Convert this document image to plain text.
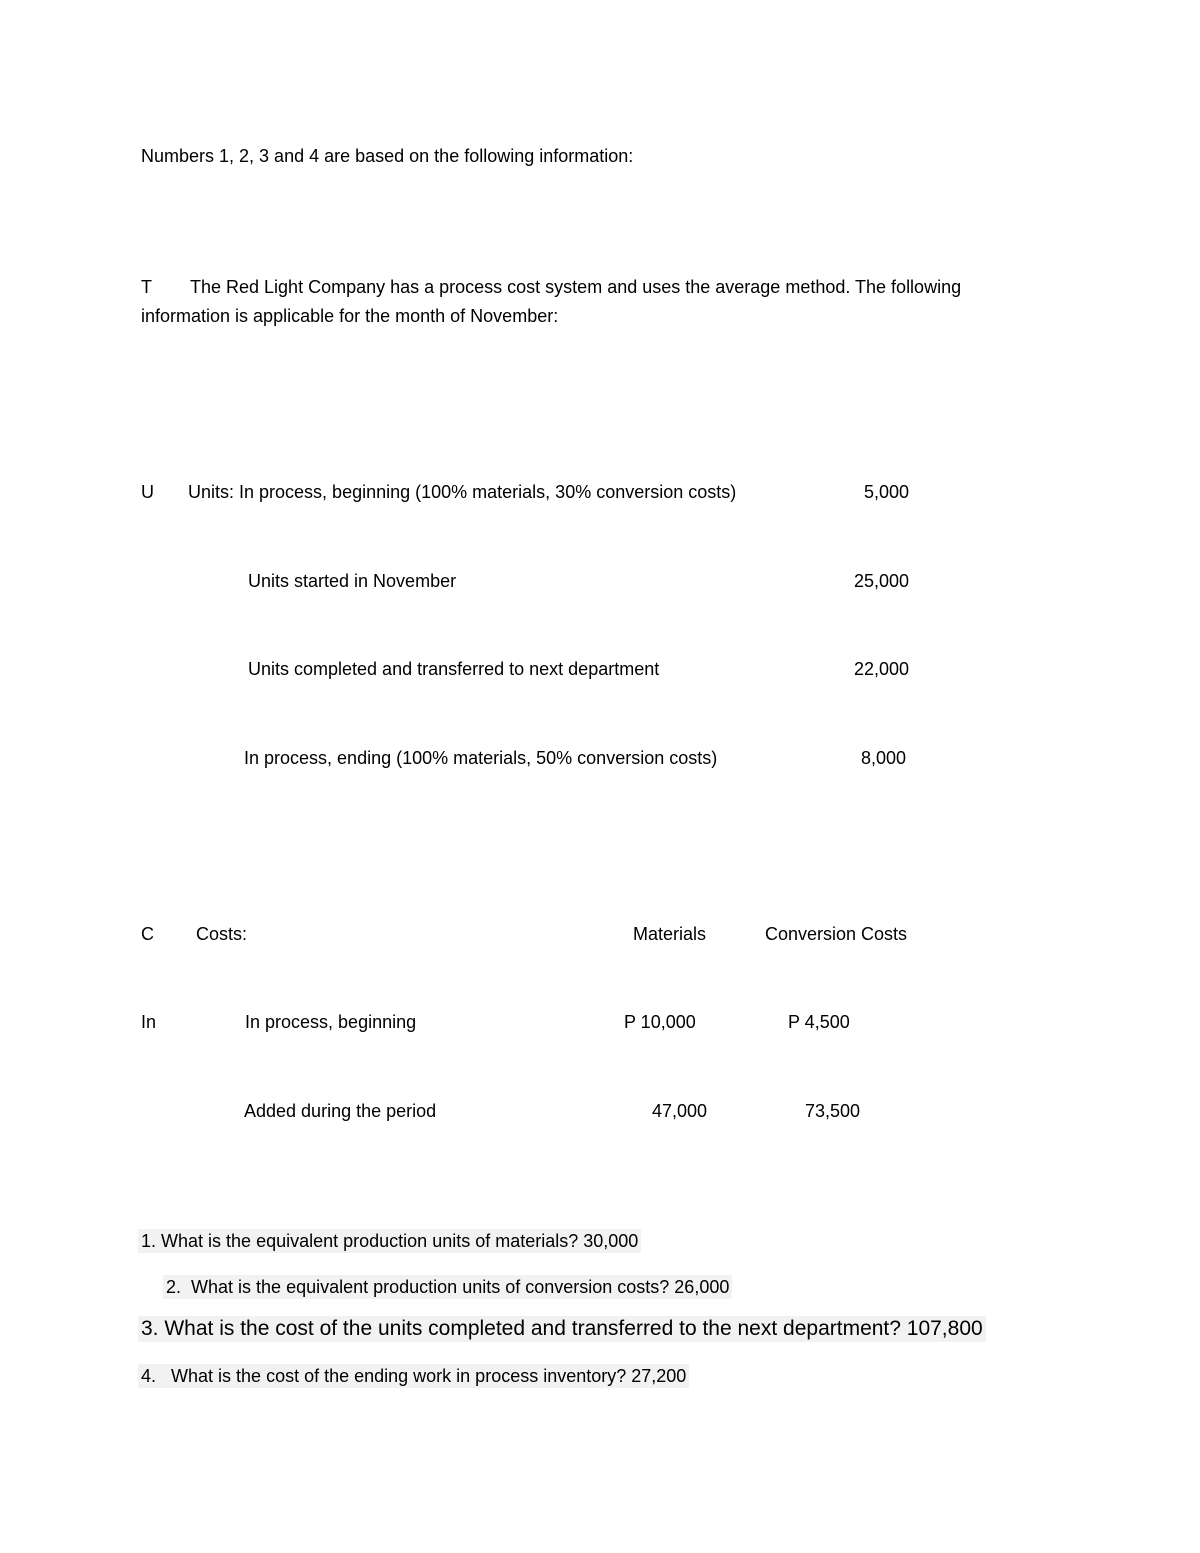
Numbers 1, 2, 3 and 4 are based on the following information:
T The Red Light Company has a process cost system and uses the average method. The following
information is applicable for the month of November:
U Units: In process, beginning (100% materials, 30% conversion costs)	5,000
Units started in November	25,000
Units completed and transferred to next department	22,000
In process, ending (100% materials, 50% conversion costs)	8,000
C Costs:	Materials	Conversion Costs
In	In process, beginning	P 10,000	P 4,500
Added during the period	47,000	73,500
1. What is the equivalent production units of materials? 30,000
2. What is the equivalent production units of conversion costs? 26,000
3. What is the cost of the units completed and transferred to the next department? 107,800
4. What is the cost of the ending work in process inventory? 27,200
